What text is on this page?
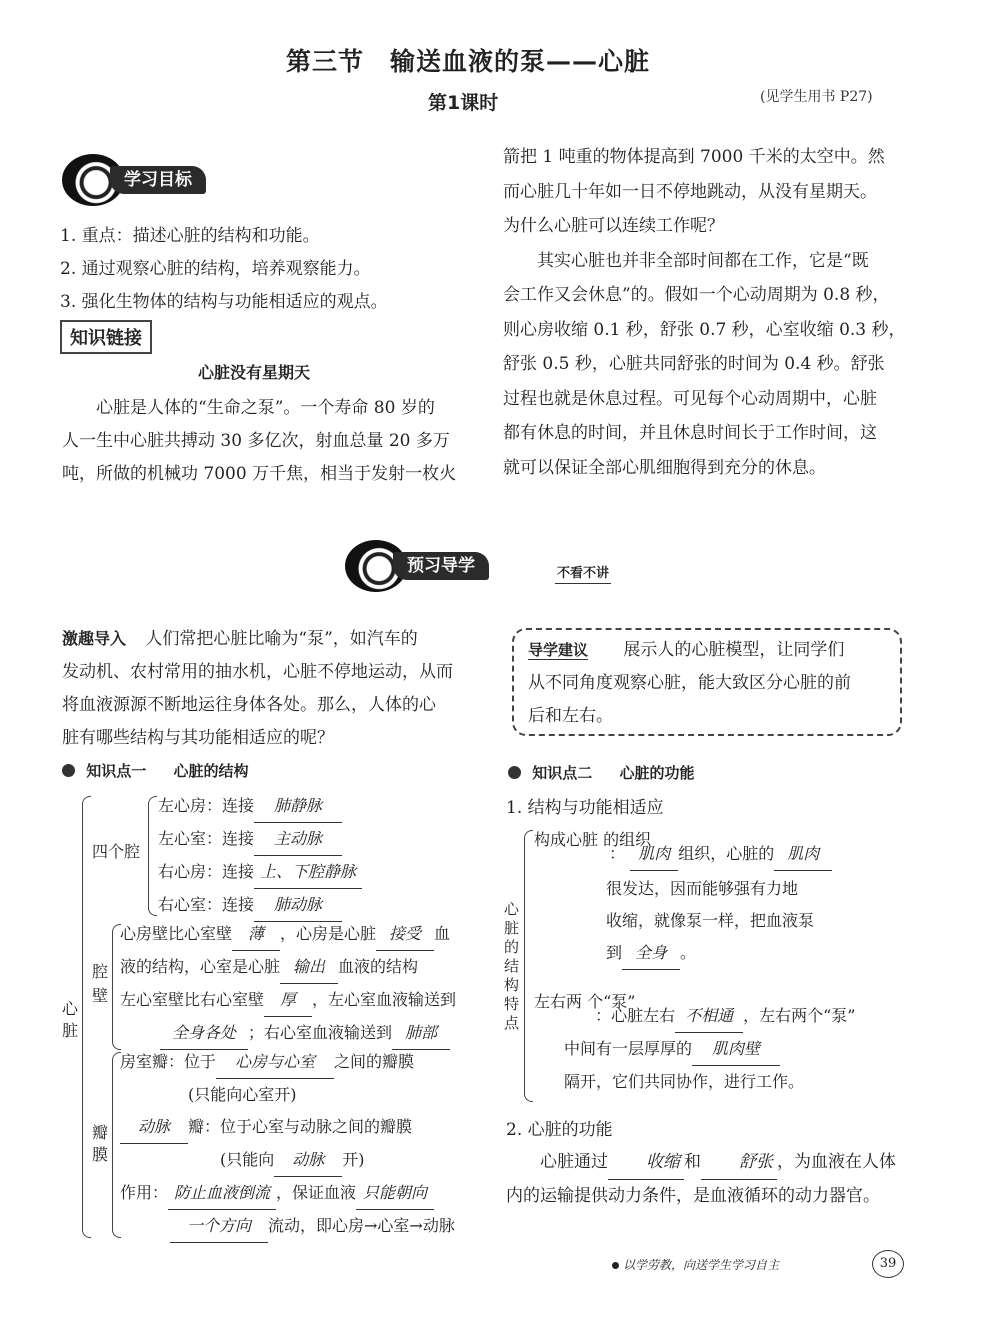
第三节　输送血液的泵——心脏
第1课时	(见学生用书 P27)
学习目标
1. 重点：描述心脏的结构和功能。
2. 通过观察心脏的结构，培养观察能力。
3. 强化生物体的结构与功能相适应的观点。
知识链接
心脏没有星期天
心脏是人体的“生命之泵”。一个寿命 80 岁的
人一生中心脏共搏动 30 多亿次，射血总量 20 多万
吨，所做的机械功 7000 万千焦，相当于发射一枚火
箭把 1 吨重的物体提高到 7000 千米的太空中。然
而心脏几十年如一日不停地跳动，从没有星期天。
为什么心脏可以连续工作呢？
其实心脏也并非全部时间都在工作，它是“既
会工作又会休息”的。假如一个心动周期为 0.8 秒，
则心房收缩 0.1 秒，舒张 0.7 秒，心室收缩 0.3 秒，
舒张 0.5 秒，心脏共同舒张的时间为 0.4 秒。舒张
过程也就是休息过程。可见每个心动周期中，心脏
都有休息的时间，并且休息时间长于工作时间，这
就可以保证全部心肌细胞得到充分的休息。
预习导学	不看不讲
激趣导入 人们常把心脏比喻为“泵”，如汽车的
发动机、农村常用的抽水机，心脏不停地运动，从而
将血液源源不断地运往身体各处。那么，人体的心
脏有哪些结构与其功能相适应的呢？
导学建议 展示人的心脏模型，让同学们
从不同角度观察心脏，能大致区分心脏的前
后和左右。
知识点一 心脏的结构
心脏
四个腔
左心房：连接 肺静脉
左心室：连接 主动脉
右心房：连接 上、下腔静脉
右心室：连接 肺动脉
腔壁
心房壁比心室壁 薄 ，心房是心脏 接受 血
液的结构，心室是心脏 输出 血液的结构
左心室壁比右心室壁 厚 ，左心室血液输送到
全身各处 ；右心室血液输送到 肺部
瓣膜
房室瓣：位于 心房与心室 之间的瓣膜
(只能向心室开)
动脉 瓣：位于心室与动脉之间的瓣膜
(只能向 动脉 开)
作用： 防止血液倒流 ，保证血液 只能朝向
一个方向 流动，即心房→心室→动脉
知识点二 心脏的功能
1. 结构与功能相适应
心脏的结构特点
构成心脏 的组织 ： 肌肉 组织，心脏的 肌肉
很发达，因而能够强有力地
收缩，就像泵一样，把血液泵
到 全身 。
左右两 个“泵” ：心脏左右 不相通 ，左右两个“泵”
中间有一层厚厚的 肌肉壁
隔开，它们共同协作，进行工作。
2. 心脏的功能
心脏通过 收缩 和 舒张 ，为血液在人体
内的运输提供动力条件，是血液循环的动力器官。
以学劳教，向送学生学习自主	39
